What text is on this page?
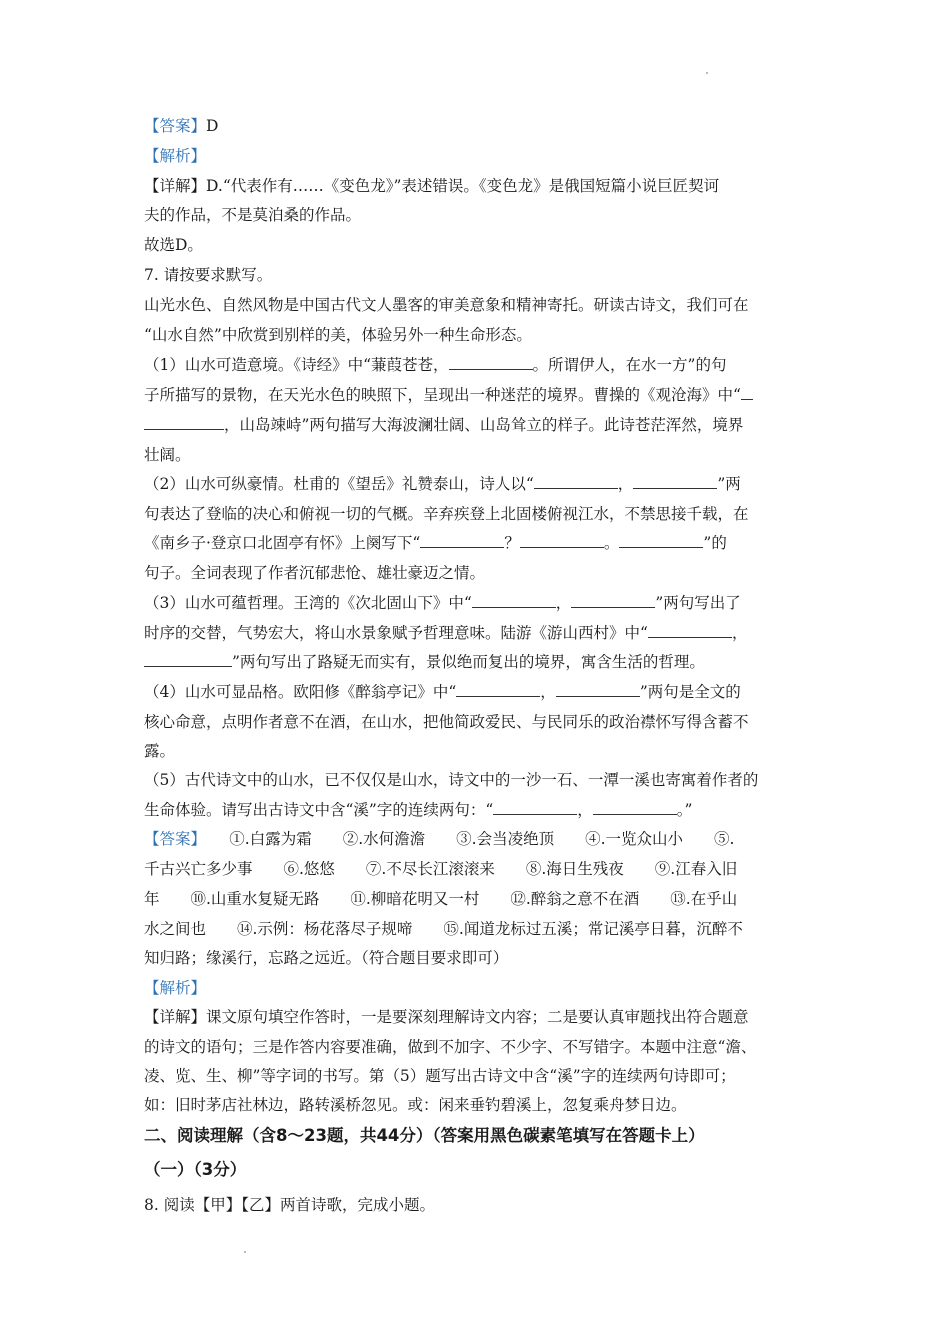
【答案】D
【解析】
【详解】D.“代表作有……《变色龙》”表述错误。《变色龙》是俄国短篇小说巨匠契诃
夫的作品，不是莫泊桑的作品。
故选D。
7. 请按要求默写。
山光水色、自然风物是中国古代文人墨客的审美意象和精神寄托。研读古诗文，我们可在
“山水自然”中欣赏到别样的美，体验另外一种生命形态。
（1）山水可造意境。《诗经》中“蒹葭苍苍，	。所谓伊人，在水一方”的句
子所描写的景物，在天光水色的映照下，呈现出一种迷茫的境界。曹操的《观沧海》中“
，山岛竦峙”两句描写大海波澜壮阔、山岛耸立的样子。此诗苍茫浑然，境界
壮阔。
（2）山水可纵豪情。杜甫的《望岳》礼赞泰山，诗人以“	，	”两
句表达了登临的决心和俯视一切的气概。辛弃疾登上北固楼俯视江水，不禁思接千载，在
《南乡子·登京口北固亭有怀》上阕写下“	？	。	”的
句子。全词表现了作者沉郁悲怆、雄壮豪迈之情。
（3）山水可蕴哲理。王湾的《次北固山下》中“	，	”两句写出了
时序的交替，气势宏大，将山水景象赋予哲理意味。陆游《游山西村》中“	，
”两句写出了路疑无而实有，景似绝而复出的境界，寓含生活的哲理。
（4）山水可显品格。欧阳修《醉翁亭记》中“	，	”两句是全文的
核心命意，点明作者意不在酒，在山水，把他简政爱民、与民同乐的政治襟怀写得含蓄不
露。
（5）古代诗文中的山水，已不仅仅是山水，诗文中的一沙一石、一潭一溪也寄寓着作者的
生命体验。请写出古诗文中含“溪”字的连续两句：“	，	。”
【答案】　　 ①.白露为霜　　②.水何澹澹　　③.会当凌绝顶　　④.一览众山小　　⑤.
千古兴亡多少事　　⑥.悠悠　　⑦.不尽长江滚滚来　　⑧.海日生残夜　　⑨.江春入旧
年　　⑩.山重水复疑无路　　⑪.柳暗花明又一村　　⑫.醉翁之意不在酒　　⑬.在乎山
水之间也　　⑭.示例：杨花落尽子规啼　　⑮.闻道龙标过五溪；常记溪亭日暮，沉醉不
知归路；缘溪行，忘路之远近。（符合题目要求即可）
【解析】
【详解】课文原句填空作答时，一是要深刻理解诗文内容；二是要认真审题找出符合题意
的诗文的语句；三是作答内容要准确，做到不加字、不少字、不写错字。本题中注意“澹、
凌、览、生、柳”等字词的书写。第（5）题写出古诗文中含“溪”字的连续两句诗即可；
如：旧时茅店社林边，路转溪桥忽见。或：闲来垂钓碧溪上，忽复乘舟梦日边。
二、阅读理解（含8～23题，共44分）（答案用黑色碳素笔填写在答题卡上）
（一）（3分）
8. 阅读【甲】【乙】两首诗歌，完成小题。
